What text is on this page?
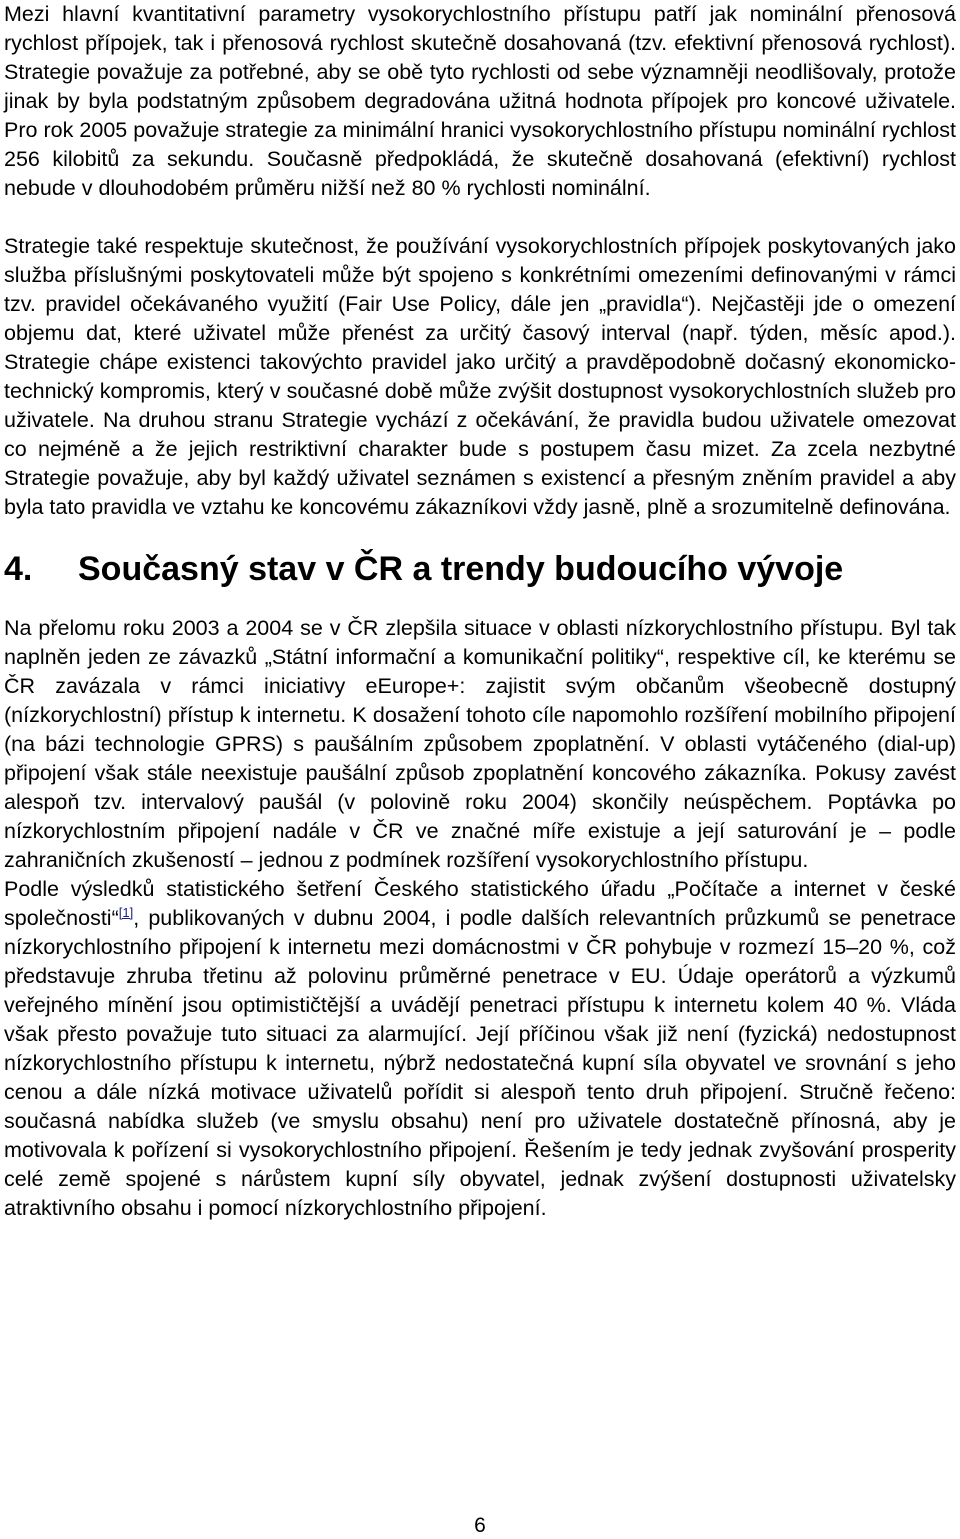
Mezi hlavní kvantitativní parametry vysokorychlostního přístupu patří jak nominální přenosová rychlost přípojek, tak i přenosová rychlost skutečně dosahovaná (tzv. efektivní přenosová rychlost). Strategie považuje za potřebné, aby se obě tyto rychlosti od sebe významněji neodlišovaly, protože jinak by byla podstatným způsobem degradována užitná hodnota přípojek pro koncové uživatele. Pro rok 2005 považuje strategie za minimální hranici vysokorychlostního přístupu nominální rychlost 256 kilobitů za sekundu. Současně předpokládá, že skutečně dosahovaná (efektivní) rychlost nebude v dlouhodobém průměru nižší než 80 % rychlosti nominální.

Strategie také respektuje skutečnost, že používání vysokorychlostních přípojek poskytovaných jako služba příslušnými poskytovateli může být spojeno s konkrétními omezeními definovanými v rámci tzv. pravidel očekávaného využití (Fair Use Policy, dále jen „pravidla“). Nejčastěji jde o omezení objemu dat, které uživatel může přenést za určitý časový interval (např. týden, měsíc apod.). Strategie chápe existenci takovýchto pravidel jako určitý a pravděpodobně dočasný ekonomicko-technický kompromis, který v současné době může zvýšit dostupnost vysokorychlostních služeb pro uživatele. Na druhou stranu Strategie vychází z očekávání, že pravidla budou uživatele omezovat co nejméně a že jejich restriktivní charakter bude s postupem času mizet. Za zcela nezbytné Strategie považuje, aby byl každý uživatel seznámen s existencí a přesným zněním pravidel a aby byla tato pravidla ve vztahu ke koncovému zákazníkovi vždy jasně, plně a srozumitelně definována.

4. Současný stav v ČR a trendy budoucího vývoje

Na přelomu roku 2003 a 2004 se v ČR zlepšila situace v oblasti nízkorychlostního přístupu. Byl tak naplněn jeden ze závazků „Státní informační a komunikační politiky“, respektive cíl, ke kterému se ČR zavázala v rámci iniciativy eEurope+: zajistit svým občanům všeobecně dostupný (nízkorychlostní) přístup k internetu. K dosažení tohoto cíle napomohlo rozšíření mobilního připojení (na bázi technologie GPRS) s paušálním způsobem zpoplatnění. V oblasti vytáčeného (dial-up) připojení však stále neexistuje paušální způsob zpoplatnění koncového zákazníka. Pokusy zavést alespoň tzv. intervalový paušál (v polovině roku 2004) skončily neúspěchem. Poptávka po nízkorychlostním připojení nadále v ČR ve značné míře existuje a její saturování je – podle zahraničních zkušeností – jednou z podmínek rozšíření vysokorychlostního přístupu.

Podle výsledků statistického šetření Českého statistického úřadu „Počítače a internet v české společnosti“[1], publikovaných v dubnu 2004, i podle dalších relevantních průzkumů se penetrace nízkorychlostního připojení k internetu mezi domácnostmi v ČR pohybuje v rozmezí 15–20 %, což představuje zhruba třetinu až polovinu průměrné penetrace v EU. Údaje operátorů a výzkumů veřejného mínění jsou optimističtější a uvádějí penetraci přístupu k internetu kolem 40 %. Vláda však přesto považuje tuto situaci za alarmující. Její příčinou však již není (fyzická) nedostupnost nízkorychlostního přístupu k internetu, nýbrž nedostatečná kupní síla obyvatel ve srovnání s jeho cenou a dále nízká motivace uživatelů pořídit si alespoň tento druh připojení. Stručně řečeno: současná nabídka služeb (ve smyslu obsahu) není pro uživatele dostatečně přínosná, aby je motivovala k pořízení si vysokorychlostního připojení. Řešením je tedy jednak zvyšování prosperity celé země spojené s nárůstem kupní síly obyvatel, jednak zvýšení dostupnosti uživatelsky atraktivního obsahu i pomocí nízkorychlostního připojení.

6
